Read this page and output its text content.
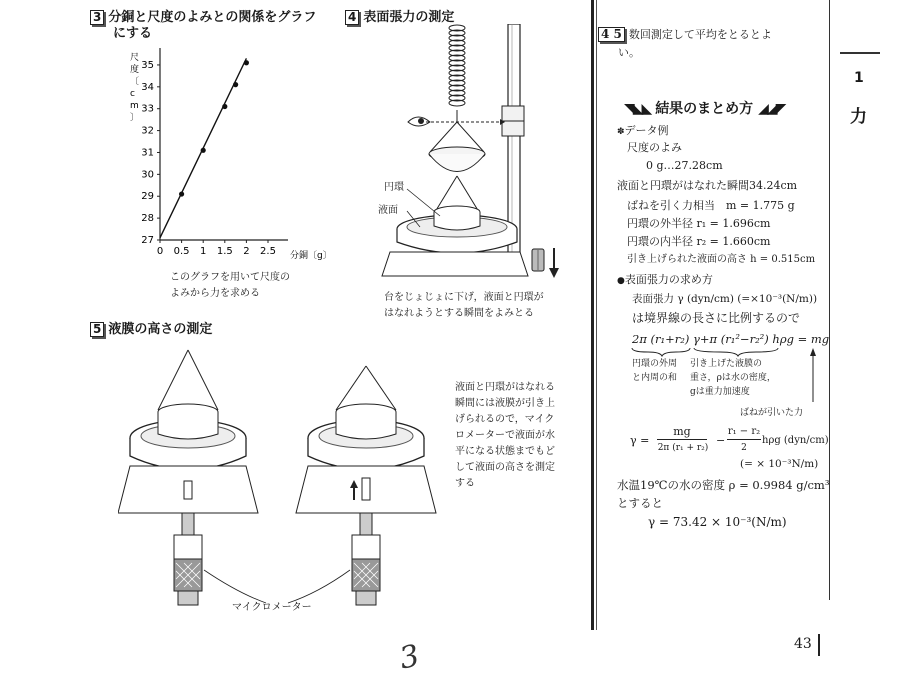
3 分銅と尺度のよみとの関係をグラフ
にする
27
28
29
30
31
32
33
34
35
0 0.5 1 1.5 2 2.5 分銅〔g〕
尺
度
〔
c
m
〕
このグラフを用いて尺度の
よみから力を求める
4 表面張力の測定
円環
液面
台をじょじょに下げ，液面と円環が
はなれようとする瞬間をよみとる
5 液膜の高さの測定
マイクロメーター
液面と円環がはなれる
瞬間には液膜が引き上
げられるので，マイク
ロメーターで液面が水
平になる状態までもど
して液面の高さを測定
する
3
4 5 数回測定して平均をとるとよ
い。
1
力
◥◣◣ 結果のまとめ方 ◢◢◤
✽データ例
尺度のよみ
0 g…27.28cm
液面と円環がはなれた瞬間34.24cm
ばねを引く力相当　m = 1.775 g
円環の外半径 r₁ = 1.696cm
円環の内半径 r₂ = 1.660cm
引き上げられた液面の高さ h = 0.515cm
●表面張力の求め方
表面張力 γ (dyn/cm) (=×10⁻³(N/m))
は境界線の長さに比例するので
2π (r₁+r₂) γ+π (r₁²−r₂²) hρg = mg
円環の外周
と内周の和
引き上げた液膜の
重さ，ρは水の密度，
gは重力加速度
ばねが引いた力
γ =
mg
2π (r₁ + r₂)
−
r₁ − r₂
2
hρg (dyn/cm)
(= × 10⁻³N/m)
水温19℃の水の密度 ρ = 0.9984 g/cm³
とすると
γ = 73.42 × 10⁻³(N/m)
43
